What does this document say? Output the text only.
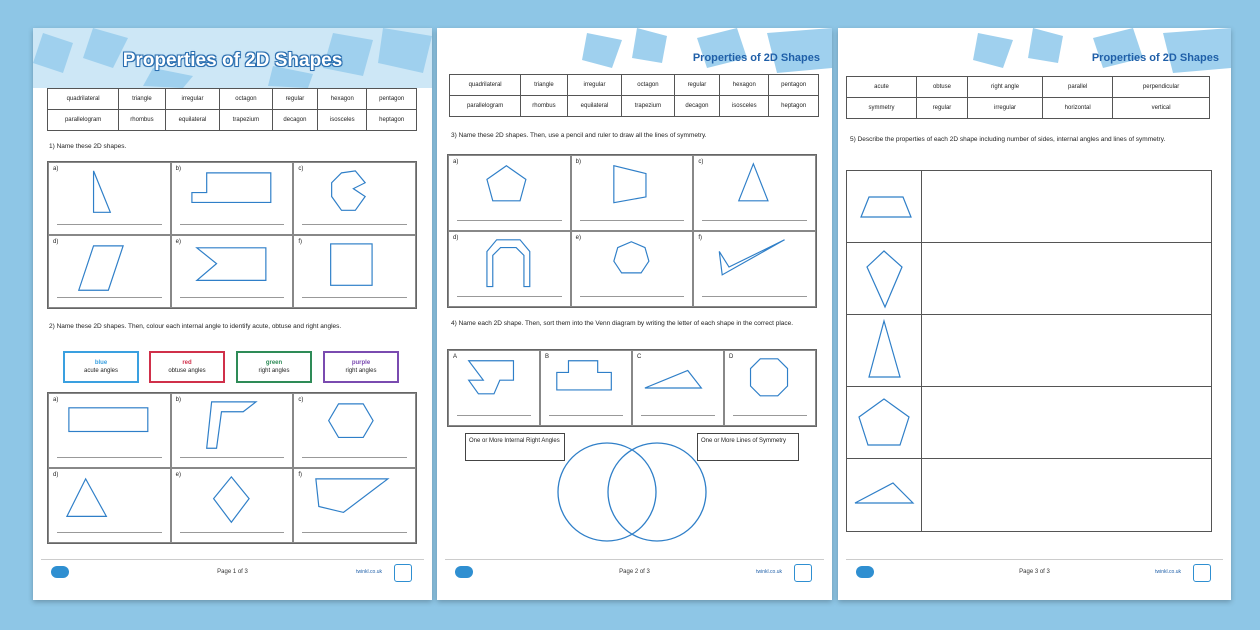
Properties of 2D Shapes
quadrilateral	triangle	irregular	octagon	regular	hexagon	pentagon
parallelogram	rhombus	equilateral	trapezium	decagon	isosceles	heptagon
1) Name these 2D shapes.
a)	b)	c)
d)	e)	f)
2) Name these 2D shapes. Then, colour each internal angle to identify acute, obtuse and right angles.
blue
acute angles
red
obtuse angles
green
right angles
purple
right angles
a)	b)	c)
d)	e)	f)
Page 1 of 3	twinkl.co.uk
Properties of 2D Shapes
quadrilateral	triangle	irregular	octagon	regular	hexagon	pentagon
parallelogram	rhombus	equilateral	trapezium	decagon	isosceles	heptagon
3) Name these 2D shapes. Then, use a pencil and ruler to draw all the lines of symmetry.
a)	b)	c)
d)	e)	f)
4) Name each 2D shape. Then, sort them into the Venn diagram by writing the letter of each shape in the correct place.
A	B	C	D
One or More Internal Right Angles	One or More Lines of Symmetry
Page 2 of 3	twinkl.co.uk
Properties of 2D Shapes
acute	obtuse	right angle	parallel	perpendicular
symmetry	regular	irregular	horizontal	vertical
5) Describe the properties of each 2D shape including number of sides, internal angles and lines of symmetry.
Page 3 of 3	twinkl.co.uk
